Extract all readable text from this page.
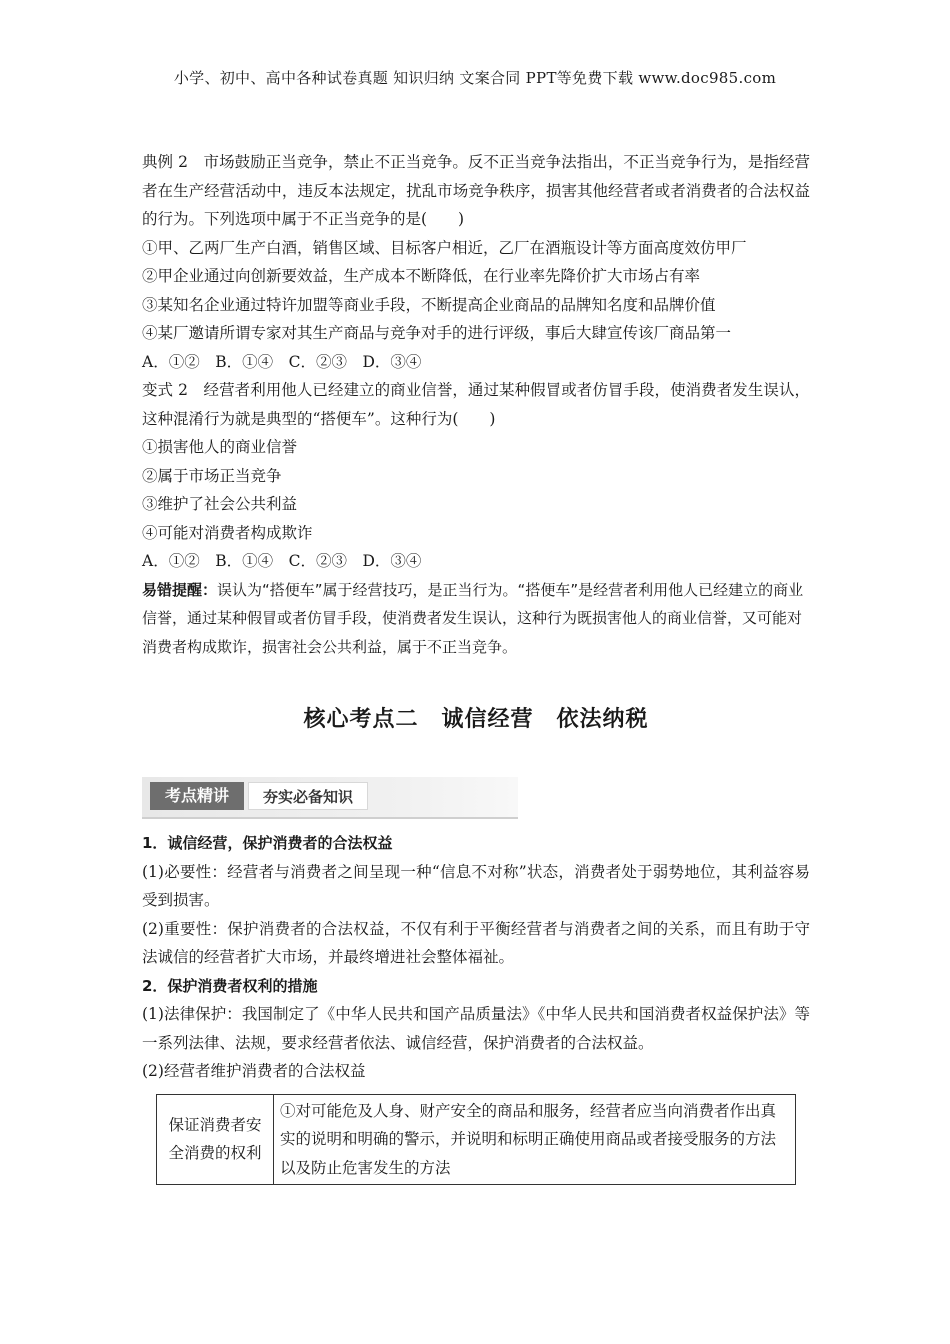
小学、初中、高中各种试卷真题 知识归纳 文案合同 PPT等免费下载 www.doc985.com

典例 2　市场鼓励正当竞争，禁止不正当竞争。反不正当竞争法指出，不正当竞争行为，是指经营者在生产经营活动中，违反本法规定，扰乱市场竞争秩序，损害其他经营者或者消费者的合法权益的行为。下列选项中属于不正当竞争的是(　　)

①甲、乙两厂生产白酒，销售区域、目标客户相近，乙厂在酒瓶设计等方面高度效仿甲厂

②甲企业通过向创新要效益，生产成本不断降低，在行业率先降价扩大市场占有率

③某知名企业通过特许加盟等商业手段，不断提高企业商品的品牌知名度和品牌价值

④某厂邀请所谓专家对其生产商品与竞争对手的进行评级，事后大肆宣传该厂商品第一

A．①②　B．①④　C．②③　D．③④

变式 2　经营者利用他人已经建立的商业信誉，通过某种假冒或者仿冒手段，使消费者发生误认，这种混淆行为就是典型的“搭便车”。这种行为(　　)

①损害他人的商业信誉

②属于市场正当竞争

③维护了社会公共利益

④可能对消费者构成欺诈

A．①②　B．①④　C．②③　D．③④

易错提醒：误认为“搭便车”属于经营技巧，是正当行为。“搭便车”是经营者利用他人已经建立的商业信誉，通过某种假冒或者仿冒手段，使消费者发生误认，这种行为既损害他人的商业信誉，又可能对消费者构成欺诈，损害社会公共利益，属于不正当竞争。

核心考点二　诚信经营　依法纳税
考点精讲	夯实必备知识

1．诚信经营，保护消费者的合法权益

(1)必要性：经营者与消费者之间呈现一种“信息不对称”状态，消费者处于弱势地位，其利益容易受到损害。

(2)重要性：保护消费者的合法权益，不仅有利于平衡经营者与消费者之间的关系，而且有助于守法诚信的经营者扩大市场，并最终增进社会整体福祉。

2．保护消费者权利的措施

(1)法律保护：我国制定了《中华人民共和国产品质量法》《中华人民共和国消费者权益保护法》等一系列法律、法规，要求经营者依法、诚信经营，保护消费者的合法权益。

(2)经营者维护消费者的合法权益

保证消费者安全消费的权利	①对可能危及人身、财产安全的商品和服务，经营者应当向消费者作出真实的说明和明确的警示，并说明和标明正确使用商品或者接受服务的方法以及防止危害发生的方法
